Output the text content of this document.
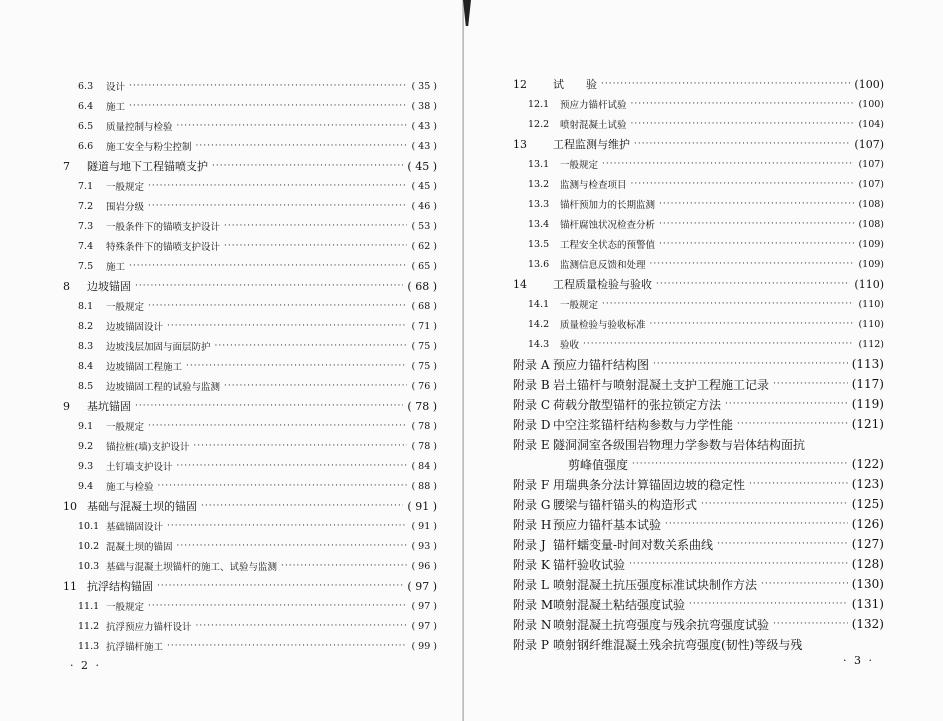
6.3	设计 ·····	( 35 )
6.4	施工 ·····	( 38 )
6.5	质量控制与检验 ·····	( 43 )
6.6	施工安全与粉尘控制 ·····	( 43 )
7	隧道与地下工程锚喷支护 ·····	( 45 )
7.1	一般规定 ·····	( 45 )
7.2	围岩分级 ·····	( 46 )
7.3	一般条件下的锚喷支护设计 ·····	( 53 )
7.4	特殊条件下的锚喷支护设计 ·····	( 62 )
7.5	施工 ·····	( 65 )
8	边坡锚固 ·····	( 68 )
8.1	一般规定 ·····	( 68 )
8.2	边坡锚固设计 ·····	( 71 )
8.3	边坡浅层加固与面层防护 ·····	( 75 )
8.4	边坡锚固工程施工 ·····	( 75 )
8.5	边坡锚固工程的试验与监测 ·····	( 76 )
9	基坑锚固 ·····	( 78 )
9.1	一般规定 ·····	( 78 )
9.2	锚拉桩(墙)支护设计 ·····	( 78 )
9.3	土钉墙支护设计 ·····	( 84 )
9.4	施工与检验 ·····	( 88 )
10 基础与混凝土坝的锚固 ·····	( 91 )
10.1 基础锚固设计 ·····	( 91 )
10.2 混凝土坝的锚固 ·····	( 93 )
10.3 基础与混凝土坝锚杆的施工、试验与监测 ·····	( 96 )
11 抗浮结构锚固 ·····	( 97 )
11.1 一般规定 ·····	( 97 )
11.2 抗浮预应力锚杆设计 ·····	( 97 )
11.3 抗浮锚杆施工 ·····	( 99 )
12	试　　验 ·····	(100)
12.1	预应力锚杆试验 ·····	(100)
12.2	喷射混凝土试验 ·····	(104)
13	工程监测与维护 ·····	(107)
13.1	一般规定 ·····	(107)
13.2	监测与检查项目 ·····	(107)
13.3	锚杆预加力的长期监测 ·····	(108)
13.4	锚杆腐蚀状况检查分析 ·····	(108)
13.5	工程安全状态的预警值 ·····	(109)
13.6	监测信息反馈和处理 ·····	(109)
14	工程质量检验与验收 ·····	(110)
14.1	一般规定 ·····	(110)
14.2	质量检验与验收标准 ·····	(110)
14.3	验收 ·····	(112)
附录 A 预应力锚杆结构图 ·····	(113)
附录 B 岩土锚杆与喷射混凝土支护工程施工记录 ·····	(117)
附录 C 荷载分散型锚杆的张拉锁定方法 ·····	(119)
附录 D 中空注浆锚杆结构参数与力学性能 ·····	(121)
附录 E 隧洞洞室各级围岩物理力学参数与岩体结构面抗
剪峰值强度 ·····	(122)
附录 F 用瑞典条分法计算锚固边坡的稳定性 ·····	(123)
附录 G 腰梁与锚杆锚头的构造形式 ·····	(125)
附录 H 预应力锚杆基本试验 ·····	(126)
附录 J 锚杆蠕变量-时间对数关系曲线 ·····	(127)
附录 K 锚杆验收试验 ·····	(128)
附录 L 喷射混凝土抗压强度标准试块制作方法 ·····	(130)
附录 M 喷射混凝土粘结强度试验 ·····	(131)
附录 N 喷射混凝土抗弯强度与残余抗弯强度试验 ·····	(132)
附录 P 喷射钢纤维混凝土残余抗弯强度(韧性)等级与残
· 2 ·	· 3 ·
